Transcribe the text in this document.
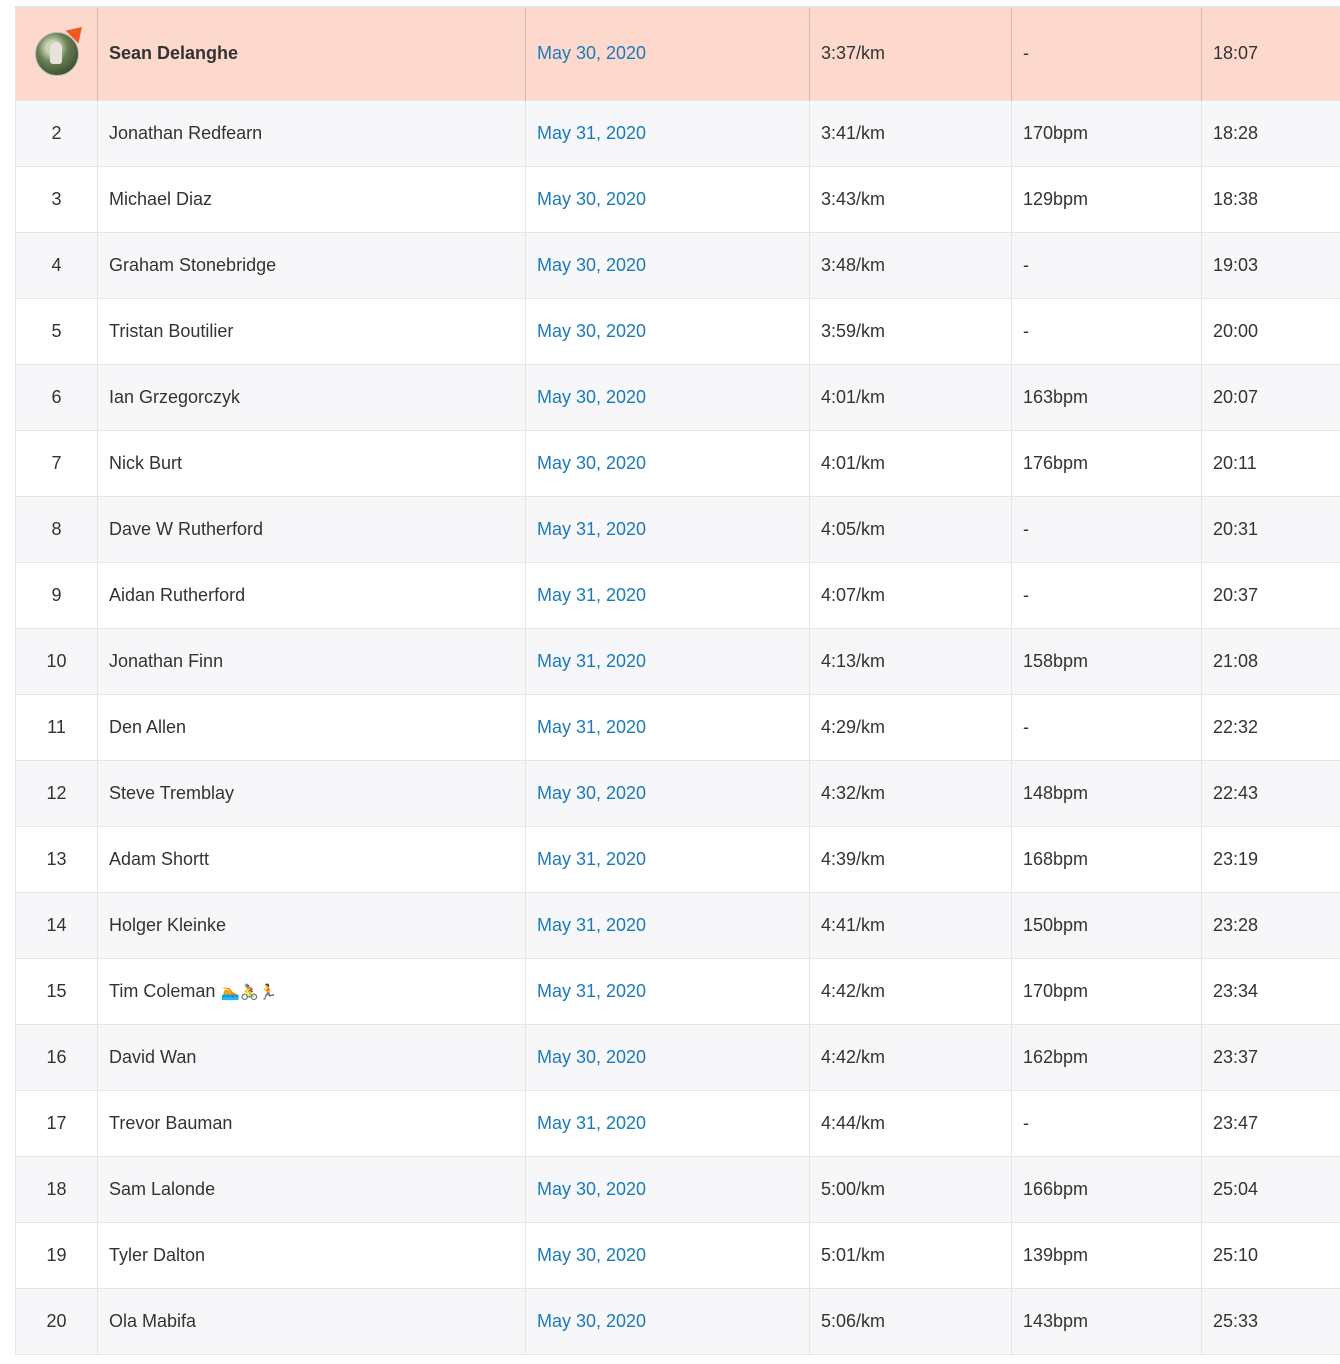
	Sean Delanghe	May 30, 2020	3:37/km	-	18:07
2	Jonathan Redfearn	May 31, 2020	3:41/km	170bpm	18:28
3	Michael Diaz	May 30, 2020	3:43/km	129bpm	18:38
4	Graham Stonebridge	May 30, 2020	3:48/km	-	19:03
5	Tristan Boutilier	May 30, 2020	3:59/km	-	20:00
6	Ian Grzegorczyk	May 30, 2020	4:01/km	163bpm	20:07
7	Nick Burt	May 30, 2020	4:01/km	176bpm	20:11
8	Dave W Rutherford	May 31, 2020	4:05/km	-	20:31
9	Aidan Rutherford	May 31, 2020	4:07/km	-	20:37
10	Jonathan Finn	May 31, 2020	4:13/km	158bpm	21:08
11	Den Allen	May 31, 2020	4:29/km	-	22:32
12	Steve Tremblay	May 30, 2020	4:32/km	148bpm	22:43
13	Adam Shortt	May 31, 2020	4:39/km	168bpm	23:19
14	Holger Kleinke	May 31, 2020	4:41/km	150bpm	23:28
15	Tim Coleman 🏊🚴🏃	May 31, 2020	4:42/km	170bpm	23:34
16	David Wan	May 30, 2020	4:42/km	162bpm	23:37
17	Trevor Bauman	May 31, 2020	4:44/km	-	23:47
18	Sam Lalonde	May 30, 2020	5:00/km	166bpm	25:04
19	Tyler Dalton	May 30, 2020	5:01/km	139bpm	25:10
20	Ola Mabifa	May 30, 2020	5:06/km	143bpm	25:33
